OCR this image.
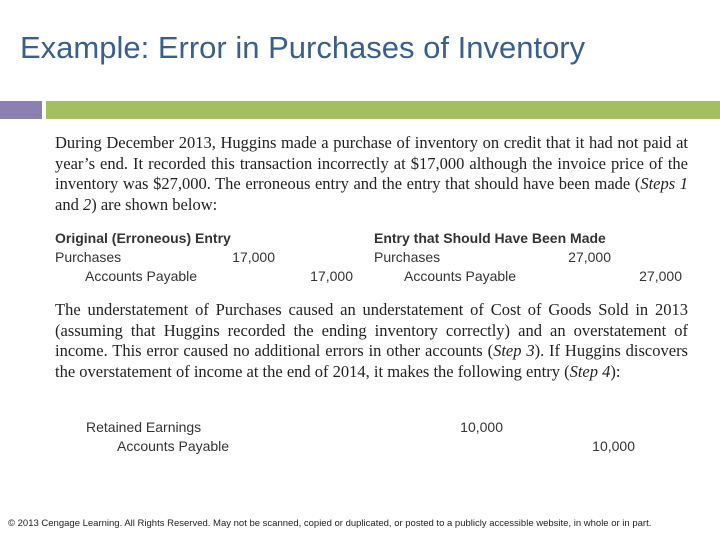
Example: Error in Purchases of Inventory

During December 2013, Huggins made a purchase of inventory on credit that it had not paid at year’s end. It recorded this transaction incorrectly at $17,000 although the invoice price of the inventory was $27,000. The erroneous entry and the entry that should have been made (Steps 1 and 2) are shown below:

Original (Erroneous) Entry
Purchases	17,000
Accounts Payable	17,000
Entry that Should Have Been Made
Purchases	27,000
Accounts Payable	27,000

The understatement of Purchases caused an understatement of Cost of Goods Sold in 2013 (assuming that Huggins recorded the ending inventory correctly) and an overstatement of income. This error caused no additional errors in other accounts (Step 3). If Huggins discovers the overstatement of income at the end of 2014, it makes the following entry (Step 4):

Retained Earnings	10,000
Accounts Payable	10,000
© 2013 Cengage Learning. All Rights Reserved. May not be scanned, copied or duplicated, or posted to a publicly accessible website, in whole or in part.
